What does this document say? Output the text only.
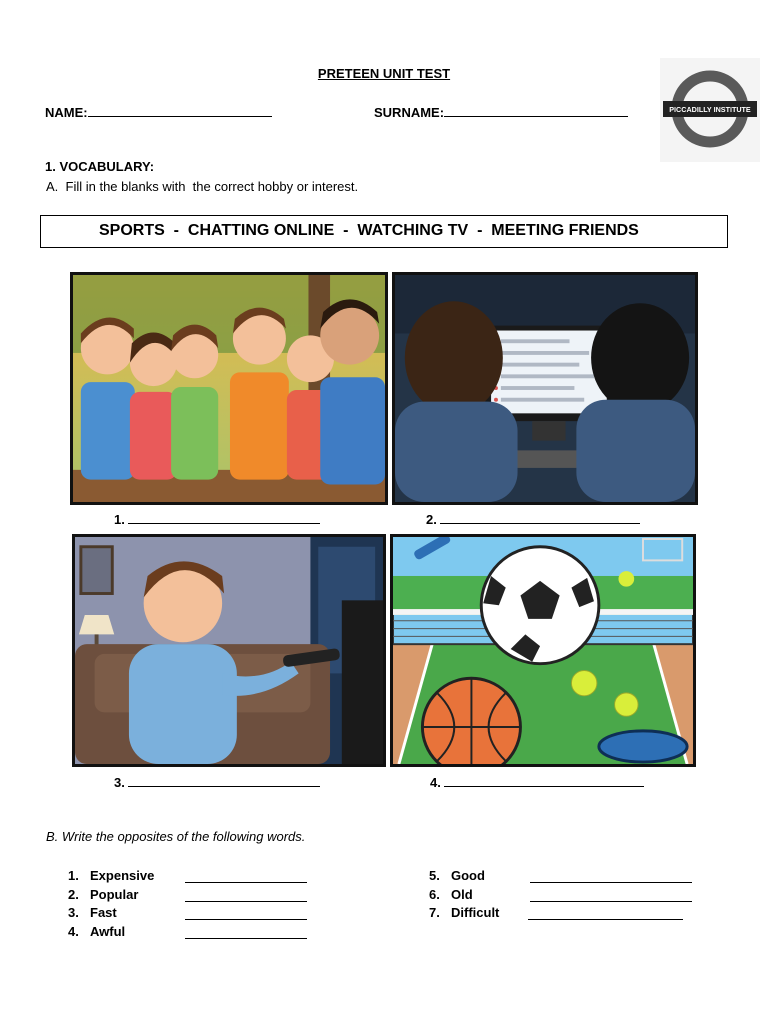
PRETEEN UNIT TEST
NAME:	SURNAME:	PICCADILLY INSTITUTE
1. VOCABULARY:
A.  Fill in the blanks with  the correct hobby or interest.
SPORTS  -  CHATTING ONLINE  -  WATCHING TV  -  MEETING FRIENDS
1.	2.
3.	4.
B. Write the opposites of the following words.
1. Expensive
2. Popular
3. Fast
4. Awful
5. Good
6. Old
7. Difficult
